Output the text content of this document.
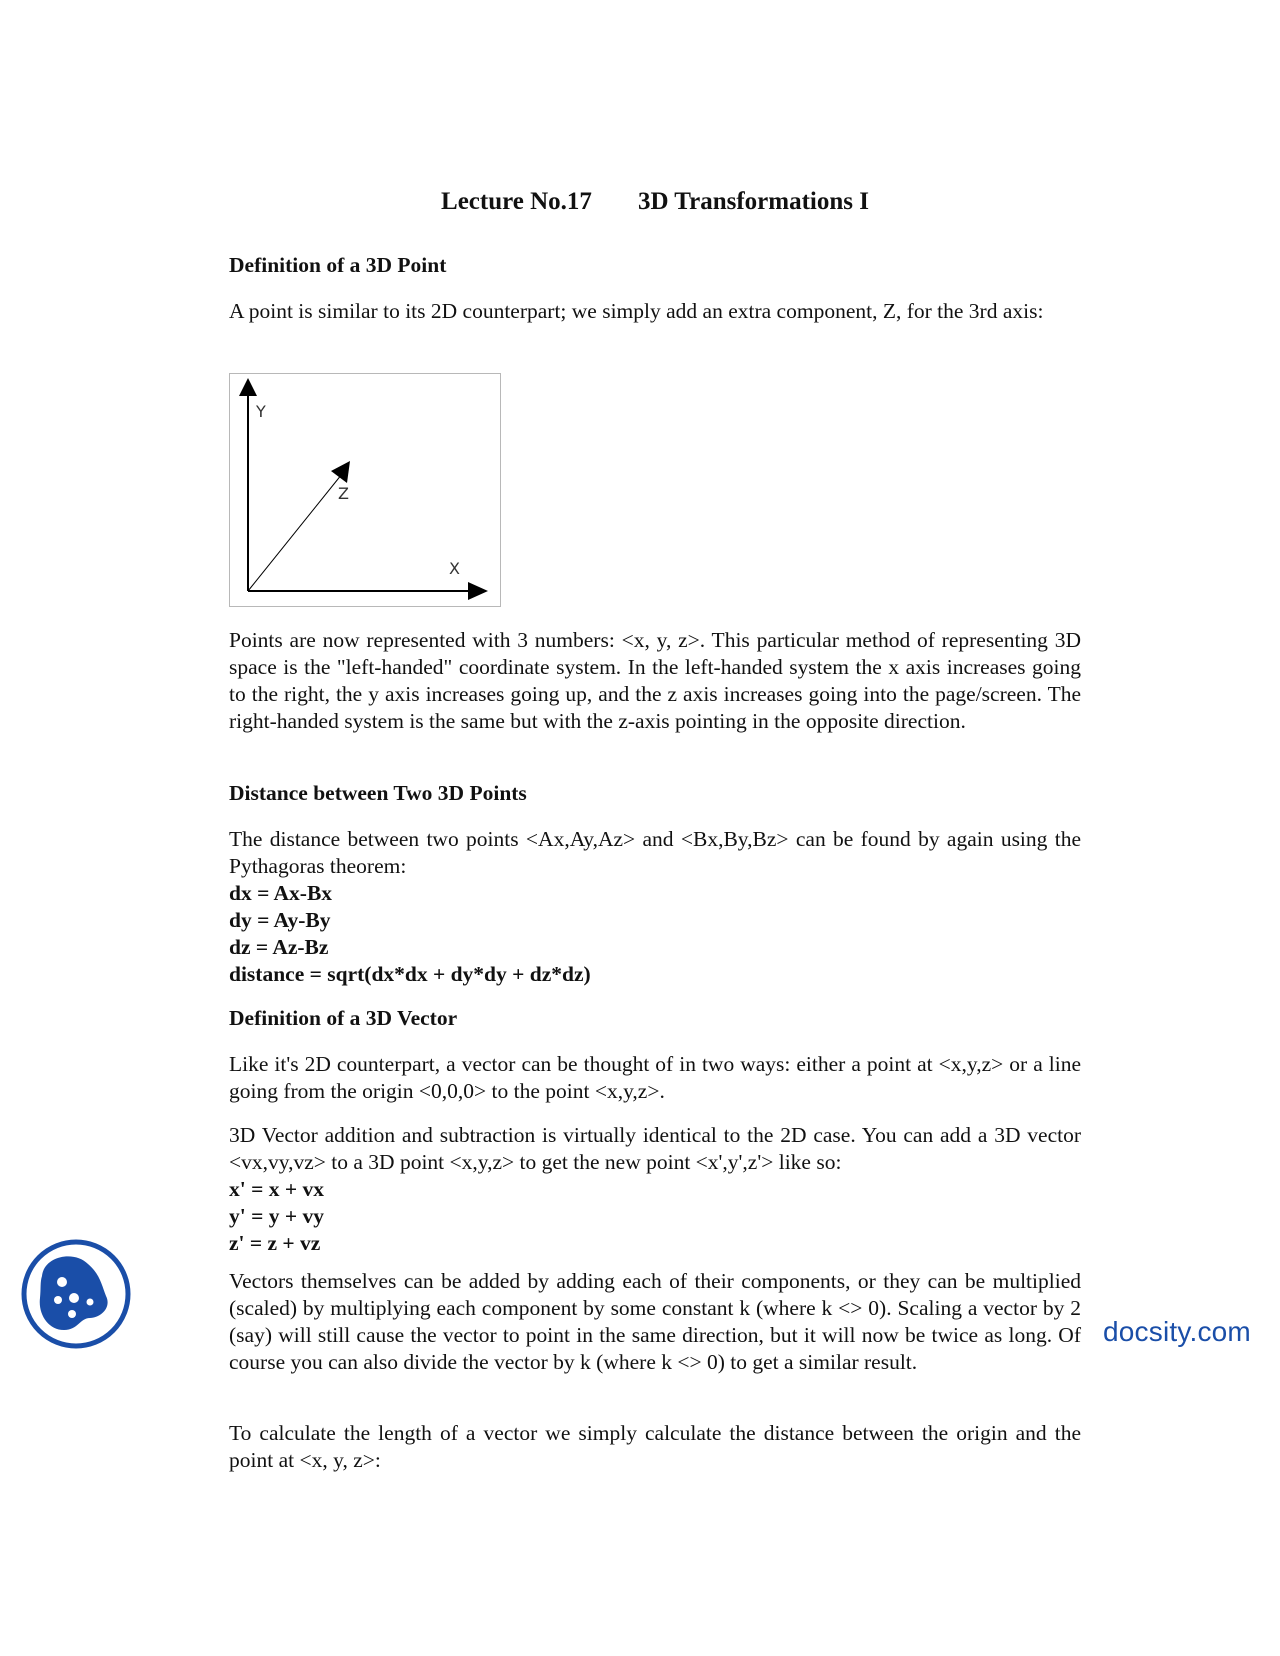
Lecture No.17 3D Transformations I
Definition of a 3D Point
A point is similar to its 2D counterpart; we simply add an extra component, Z, for the 3rd axis:
Y
Z
X
Points are now represented with 3 numbers: <x, y, z>. This particular method of representing 3D space is the "left-handed" coordinate system. In the left-handed system the x axis increases going to the right, the y axis increases going up, and the z axis increases going into the page/screen. The right-handed system is the same but with the z-axis pointing in the opposite direction.
Distance between Two 3D Points
The distance between two points <Ax,Ay,Az> and <Bx,By,Bz> can be found by again using the Pythagoras theorem:
dx = Ax-Bx
dy = Ay-By
dz = Az-Bz
distance = sqrt(dx*dx + dy*dy + dz*dz)
Definition of a 3D Vector
Like it's 2D counterpart, a vector can be thought of in two ways: either a point at <x,y,z> or a line going from the origin <0,0,0> to the point <x,y,z>.
3D Vector addition and subtraction is virtually identical to the 2D case. You can add a 3D vector <vx,vy,vz> to a 3D point <x,y,z> to get the new point <x',y',z'> like so:
x' = x + vx
y' = y + vy
z' = z + vz
Vectors themselves can be added by adding each of their components, or they can be multiplied (scaled) by multiplying each component by some constant k (where k <> 0). Scaling a vector by 2 (say) will still cause the vector to point in the same direction, but it will now be twice as long. Of course you can also divide the vector by k (where k <> 0) to get a similar result.
To calculate the length of a vector we simply calculate the distance between the origin and the point at <x, y, z>:
docsity.com
